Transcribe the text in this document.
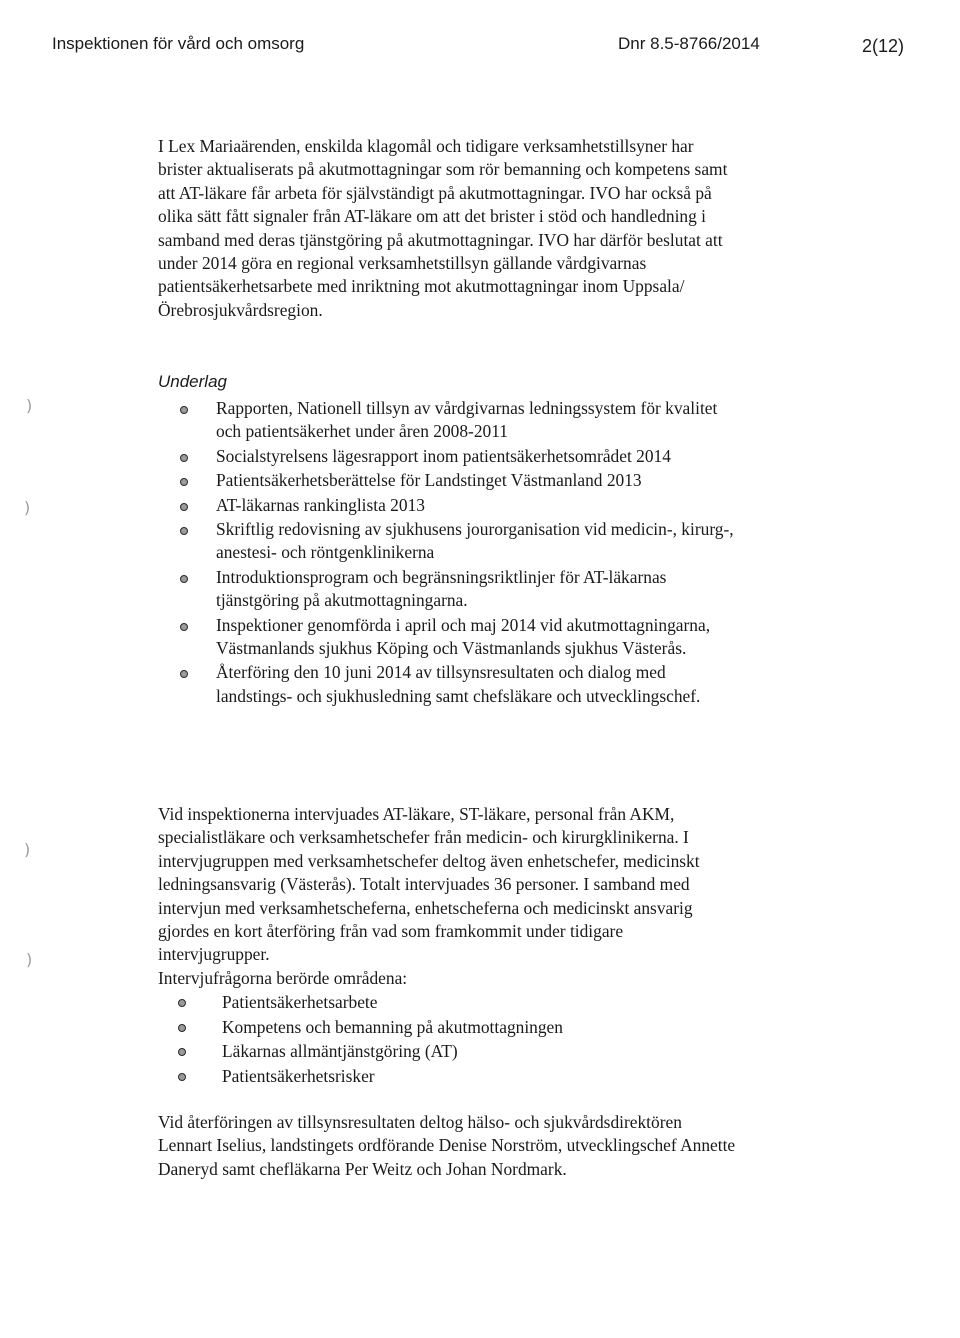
Inspektionen för vård och omsorg	Dnr 8.5-8766/2014	2(12)

I Lex Mariaärenden, enskilda klagomål och tidigare verksamhetstillsyner har brister aktualiserats på akutmottagningar som rör bemanning och kompetens samt att AT-läkare får arbeta för självständigt på akutmottagningar. IVO har också på olika sätt fått signaler från AT-läkare om att det brister i stöd och handledning i samband med deras tjänstgöring på akutmottagningar. IVO har därför beslutat att under 2014 göra en regional verksamhetstillsyn gällande vårdgivarnas patientsäkerhetsarbete med inriktning mot akutmottagningar inom Uppsala/Örebrosjukvårdsregion.

Underlag
Rapporten, Nationell tillsyn av vårdgivarnas ledningssystem för kvalitet och patientsäkerhet under åren 2008-2011
Socialstyrelsens lägesrapport inom patientsäkerhetsområdet 2014
Patientsäkerhetsberättelse för Landstinget Västmanland 2013
AT-läkarnas rankinglista 2013
Skriftlig redovisning av sjukhusens jourorganisation vid medicin-, kirurg-, anestesi- och röntgenklinikerna
Introduktionsprogram och begränsningsriktlinjer för AT-läkarnas tjänstgöring på akutmottagningarna.
Inspektioner genomförda i april och maj 2014 vid akutmottagningarna, Västmanlands sjukhus Köping och Västmanlands sjukhus Västerås.
Återföring den 10 juni 2014 av tillsynsresultaten och dialog med landstings- och sjukhusledning samt chefsläkare och utvecklingschef.

Vid inspektionerna intervjuades AT-läkare, ST-läkare, personal från AKM, specialistläkare och verksamhetschefer från medicin- och kirurgklinikerna. I intervjugruppen med verksamhetschefer deltog även enhetschefer, medicinskt ledningsansvarig (Västerås). Totalt intervjuades 36 personer. I samband med intervjun med verksamhetscheferna, enhetscheferna och medicinskt ansvarig gjordes en kort återföring från vad som framkommit under tidigare intervjugrupper.

Intervjufrågorna berörde områdena:

Patientsäkerhetsarbete
Kompetens och bemanning på akutmottagningen
Läkarnas allmäntjänstgöring (AT)
Patientsäkerhetsrisker

Vid återföringen av tillsynsresultaten deltog hälso- och sjukvårdsdirektören Lennart Iselius, landstingets ordförande Denise Norström, utvecklingschef Annette Daneryd samt chefläkarna Per Weitz och Johan Nordmark.

)
)
)
)
